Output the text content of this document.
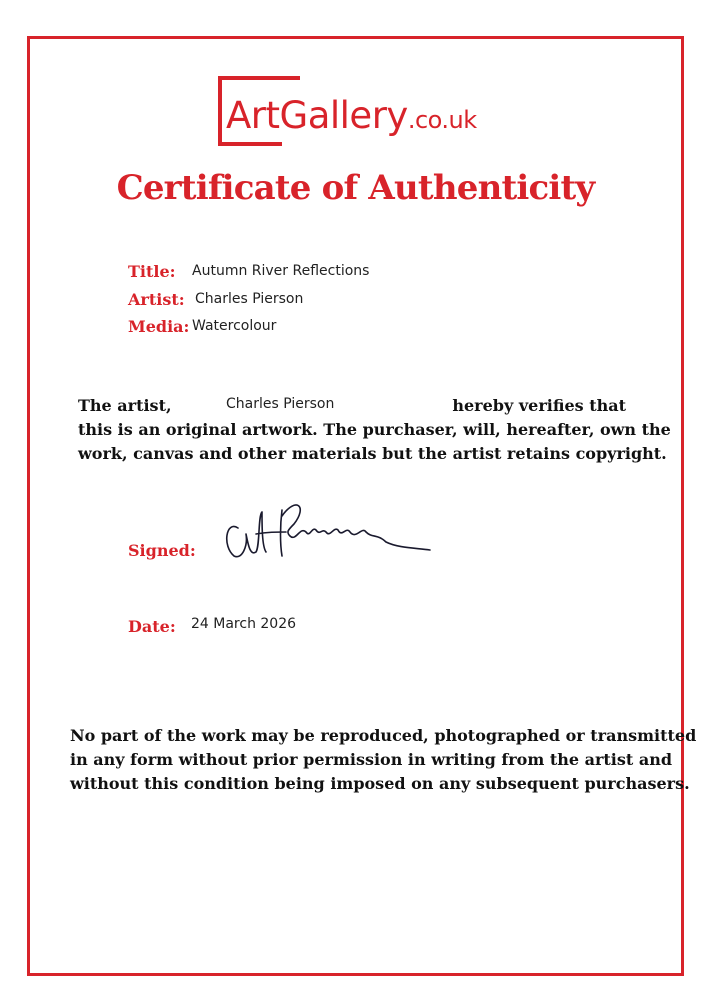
ArtGallery.co.uk
Certificate of Authenticity
Title: Autumn River Reflections
Artist: Charles Pierson
Media: Watercolour
The artist,	Charles Pierson	hereby verifies that
this is an original artwork. The purchaser, will, hereafter, own the
work, canvas and other materials but the artist retains copyright.
Signed:
Date: 24 March 2026
No part of the work may be reproduced, photographed or transmitted
in any form without prior permission in writing from the artist and
without this condition being imposed on any subsequent purchasers.
